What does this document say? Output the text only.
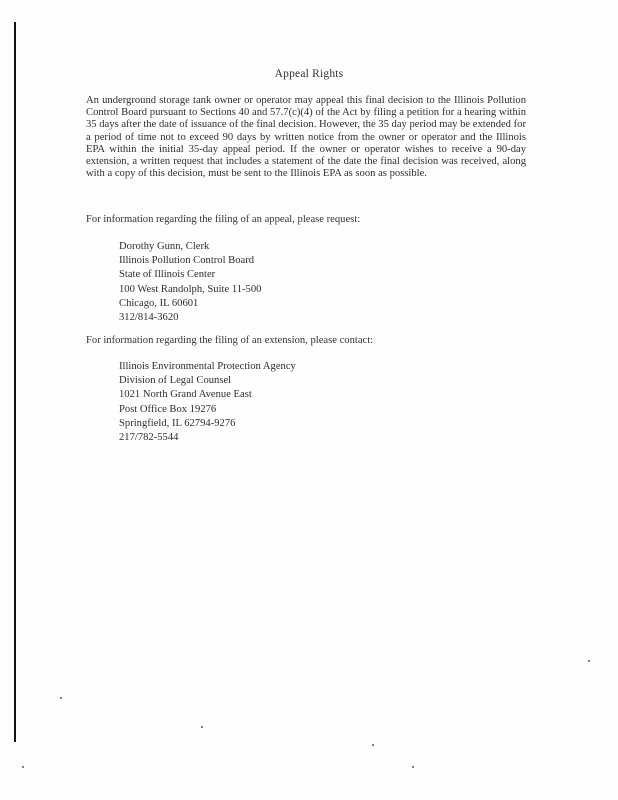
Appeal Rights
An underground storage tank owner or operator may appeal this final decision to the Illinois Pollution Control Board pursuant to Sections 40 and 57.7(c)(4) of the Act by filing a petition for a hearing within 35 days after the date of issuance of the final decision. However, the 35 day period may be extended for a period of time not to exceed 90 days by written notice from the owner or operator and the Illinois EPA within the initial 35-day appeal period. If the owner or operator wishes to receive a 90-day extension, a written request that includes a statement of the date the final decision was received, along with a copy of this decision, must be sent to the Illinois EPA as soon as possible.
For information regarding the filing of an appeal, please request:
Dorothy Gunn, Clerk
Illinois Pollution Control Board
State of Illinois Center
100 West Randolph, Suite 11-500
Chicago, IL 60601
312/814-3620
For information regarding the filing of an extension, please contact:
Illinois Environmental Protection Agency
Division of Legal Counsel
1021 North Grand Avenue East
Post Office Box 19276
Springfield, IL 62794-9276
217/782-5544
